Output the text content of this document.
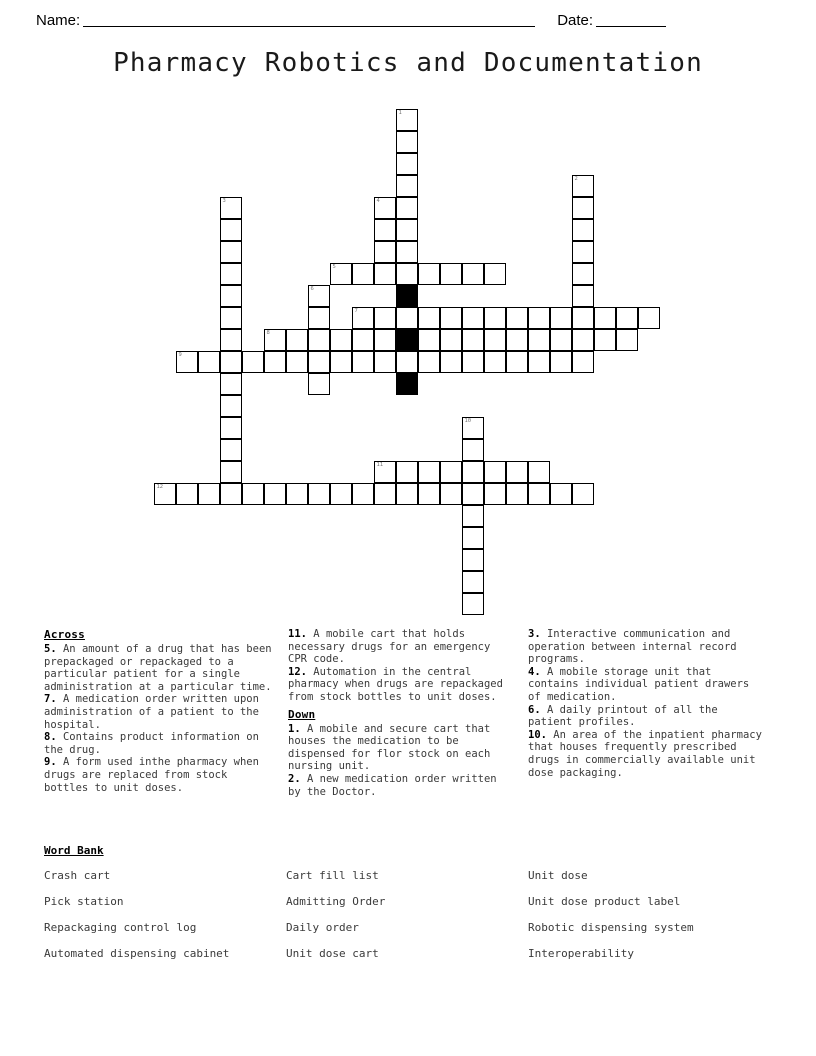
Name:	Date:
Pharmacy Robotics and Documentation
1
2
3	4
5
6
7
8
9
10
11
12
Across

5. An amount of a drug that has been prepackaged or repackaged to a particular patient for a single administration at a particular time.

7. A medication order written upon administration of a patient to the hospital.

8. Contains product information on the drug.

9. A form used inthe pharmacy when drugs are replaced from stock bottles to unit doses.

11. A mobile cart that holds necessary drugs for an emergency CPR code.

12. Automation in the central pharmacy when drugs are repackaged from stock bottles to unit doses.

Down

1. A mobile and secure cart that houses the medication to be dispensed for flor stock on each nursing unit.

2. A new medication order written by the Doctor.

3. Interactive communication and operation between internal record programs.

4. A mobile storage unit that contains individual patient drawers of medication.

6. A daily printout of all the patient profiles.

10. An area of the inpatient pharmacy that houses frequently prescribed drugs in commercially available unit dose packaging.

Word Bank
Crash cart	Cart fill list	Unit dose
Pick station	Admitting Order	Unit dose product label
Repackaging control log	Daily order	Robotic dispensing system
Automated dispensing cabinet	Unit dose cart	Interoperability
